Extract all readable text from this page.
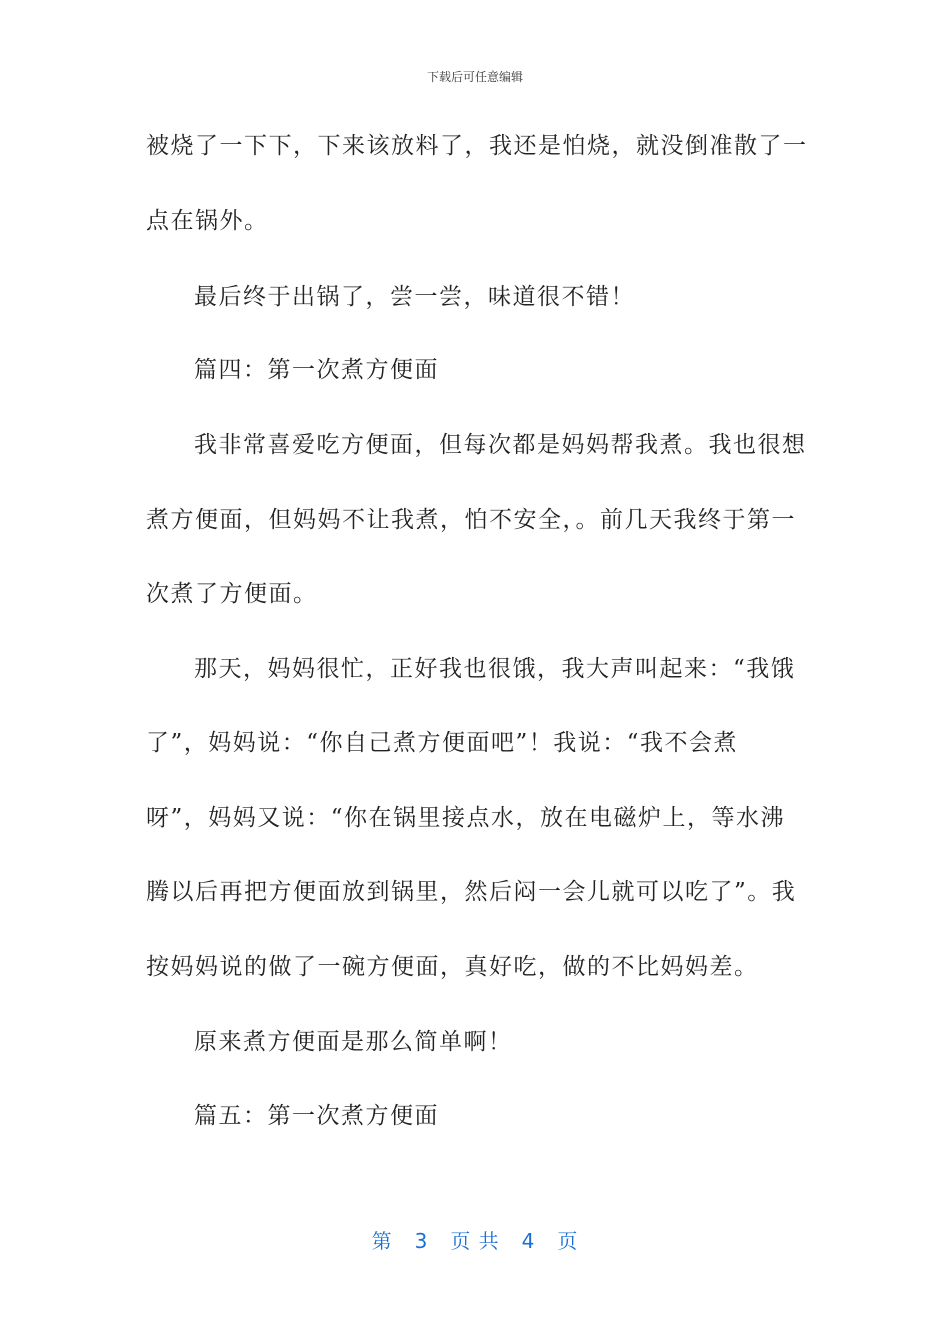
下载后可任意编辑
被烧了一下下，下来该放料了，我还是怕烧，就没倒准散了一
点在锅外。
最后终于出锅了，尝一尝，味道很不错！
篇四：第一次煮方便面
我非常喜爱吃方便面，但每次都是妈妈帮我煮。我也很想
煮方便面，但妈妈不让我煮，怕不安全，。前几天我终于第一
次煮了方便面。
那天，妈妈很忙，正好我也很饿，我大声叫起来：“我饿
了”，妈妈说：“你自己煮方便面吧”！我说：“我不会煮
呀”，妈妈又说：“你在锅里接点水，放在电磁炉上，等水沸
腾以后再把方便面放到锅里，然后闷一会儿就可以吃了”。我
按妈妈说的做了一碗方便面，真好吃，做的不比妈妈差。
原来煮方便面是那么简单啊！
篇五：第一次煮方便面
第 3 页 共 4 页
